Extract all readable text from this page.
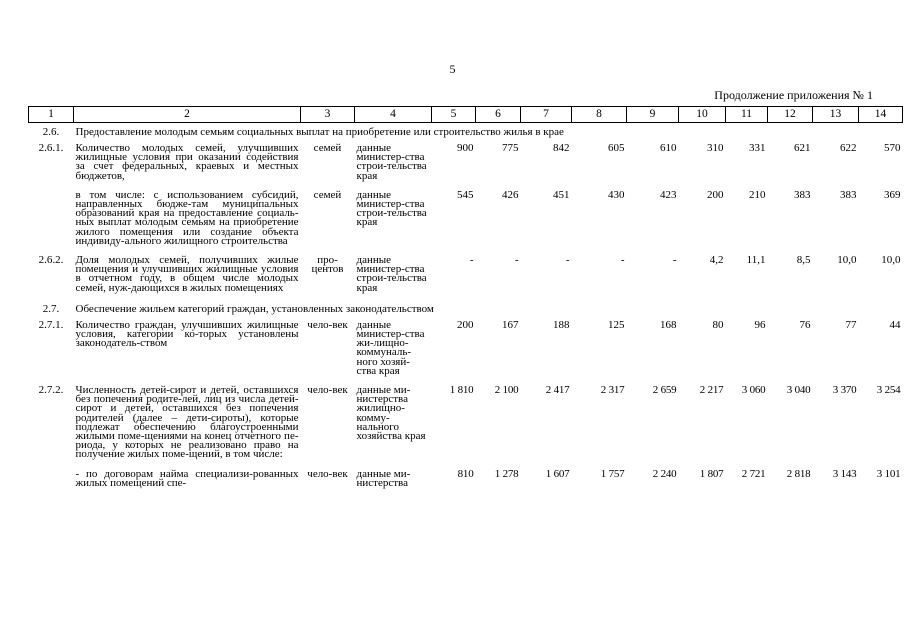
5
Продолжение приложения № 1
1	2	3	4	5	6	7	8	9	10	11	12	13	14
2.6.	Предоставление молодым семьям социальных выплат на приобретение или строительство жилья в крае												
2.6.1.	Количество молодых семей, улучшивших жилищные условия при оказании содействия за счет федеральных, краевых и местных бюджетов,	семей	данные министер-ства строи-тельства края	900	775	842	605	610	310	331	621	622	570
	в том числе: с использованием субсидий, направленных бюдже-там муниципальных образований края на предоставление социаль-ных выплат молодым семьям на приобретение жилого помещения или создание объекта индивиду-ального жилищного строительства	семей	данные министер-ства строи-тельства края	545	426	451	430	423	200	210	383	383	369
2.6.2.	Доля молодых семей, получивших жилые помещения и улучшивших жилищные условия в отчетном году, в общем числе молодых семей, нуж-дающихся в жилых помещениях	про-центов	данные министер-ства строи-тельства края	-	-	-	-	-	4,2	11,1	8,5	10,0	10,0
2.7.	Обеспечение жильем категорий граждан, установленных законодательством												
2.7.1.	Количество граждан, улучшивших жилищные условия, категории ко-торых установлены законодатель-ством	чело-век	данные министер-ства жи-лищно-коммуналь-ного хозяй-ства края	200	167	188	125	168	80	96	76	77	44
2.7.2.	Численность детей-сирот и детей, оставшихся без попечения родите-лей, лиц из числа детей-сирот и детей, оставшихся без попечения родителей (далее – дети-сироты), которые подлежат обеспечению благоустроенными жилыми поме-щениями на конец отчетного пе-риода, у которых не реализовано право на получение жилых поме-щений, в том числе:	чело-век	данные ми-нистерства жилищно-комму-нального хозяйства края	1 810	2 100	2 417	2 317	2 659	2 217	3 060	3 040	3 370	3 254
	- по договорам найма специализи-рованных жилых помещений спе-	чело-век	данные ми-нистерства	810	1 278	1 607	1 757	2 240	1 807	2 721	2 818	3 143	3 101
